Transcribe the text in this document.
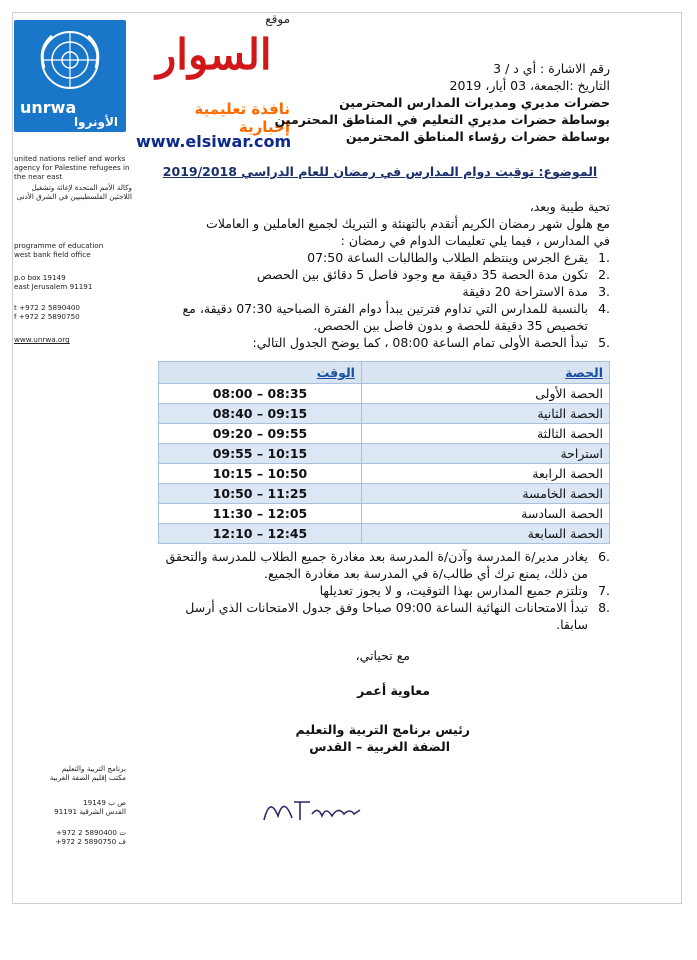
unrwa
الأونروا
united nations relief and works agency for Palestine refugees in the near east
وكالة الأمم المتحدة لإغاثة وتشغيل اللاجئين الفلسطينيين في الشرق الأدنى
programme of education
west bank field office
p.o box 19149
east Jerusalem 91191
t +972 2 5890400
f +972 2 5890750
www.unrwa.org
برنامج التربية والتعليم
مكتب إقليم الضفة الغربية
ص ب 19149
القدس الشرقية 91191
ت +972 2 5890400
ف +972 2 5890750
موقع
السوار
نافذة تعليمية إخبارية
www.elsiwar.com
رقم الاشارة : أي د / 3
التاريخ :الجمعة، 03 أيار، 2019
حضرات مديري ومديرات المدارس المحترمين
بوساطة حضرات مديري التعليم في المناطق المحترمين
بوساطة حضرات رؤساء المناطق المحترمين
الموضوع: توقيت دوام المدارس في رمضان للعام الدراسي 2019/2018
تحية طيبة وبعد،
مع هلول شهر رمضان الكريم أتقدم بالتهنئة و التبريك لجميع العاملين و العاملات
في المدارس ، فيما يلي تعليمات الدوام في رمضان :
1.
يقرع الجرس وينتظم الطلاب والطالبات الساعة 07:50
2.
تكون مدة الحصة 35 دقيقة مع وجود فاصل 5 دقائق بين الحصص
3.
مدة الاستراحة 20 دقيقة
4.
بالنسبة للمدارس التي تداوم فترتين يبدأ دوام الفترة الصباحية 07:30 دقيقة، مع تخصيص 35 دقيقة للحصة و بدون فاصل بين الحصص.
5.
تبدأ الحصة الأولى تمام الساعة 08:00 ، كما يوضح الجدول التالي:
الحصة	الوقت
الحصة الأولى	08:00 – 08:35
الحصة الثانية	08:40 – 09:15
الحصة الثالثة	09:20 – 09:55
استراحة	09:55 – 10:15
الحصة الرابعة	10:15 – 10:50
الحصة الخامسة	10:50 – 11:25
الحصة السادسة	11:30 – 12:05
الحصة السابعة	12:10 – 12:45
6.
يغادر مدير/ة المدرسة وآذن/ة المدرسة بعد مغادرة جميع الطلاب للمدرسة والتحقق من ذلك، يمنع ترك أي طالب/ة في المدرسة بعد مغادرة الجميع.
7.
وتلتزم جميع المدارس بهذا التوقيت، و لا يجوز تعديلها
8.
تبدأ الامتحانات النهائية الساعة 09:00 صباحا وفق جدول الامتحانات الذي أرسل سابقا.
مع تحياتي،
معاوية أعمر
رئيس برنامج التربية والتعليم
الضفة الغربية – القدس
